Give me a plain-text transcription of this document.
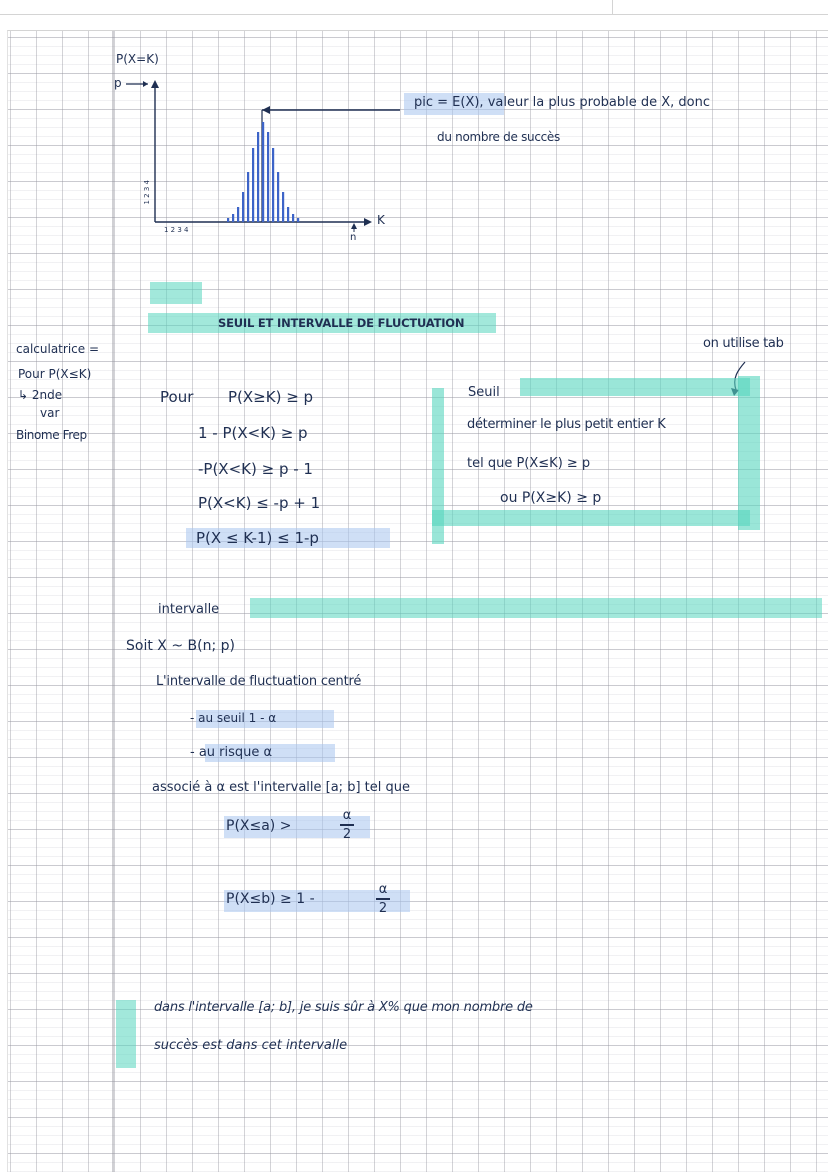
P(X=K)
p
1 2 3 4
1 2 3 4
n
K
pic = E(X), valeur la plus probable de X, donc
du nombre de succès
SEUIL ET INTERVALLE DE FLUCTUATION
calculatrice =
Pour P(X≤K)
↳ 2nde
var
Binome Frep
on utilise tab
Pour P(X≥K) ≥ p
1 - P(X<K) ≥ p
-P(X<K) ≥ p - 1
P(X<K) ≤ -p + 1
P(X ≤ K-1) ≤ 1-p
Seuil
déterminer le plus petit entier K
tel que P(X≤K) ≥ p
ou P(X≥K) ≥ p
intervalle
Soit X ~ B(n; p)
L'intervalle de fluctuation centré
- au seuil 1 - α
- au risque α
associé à α est l'intervalle [a; b] tel que
P(X≤a) >
α
2
P(X≤b) ≥ 1 -
α
2
dans l'intervalle [a; b], je suis sûr à X% que mon nombre de
succès est dans cet intervalle
